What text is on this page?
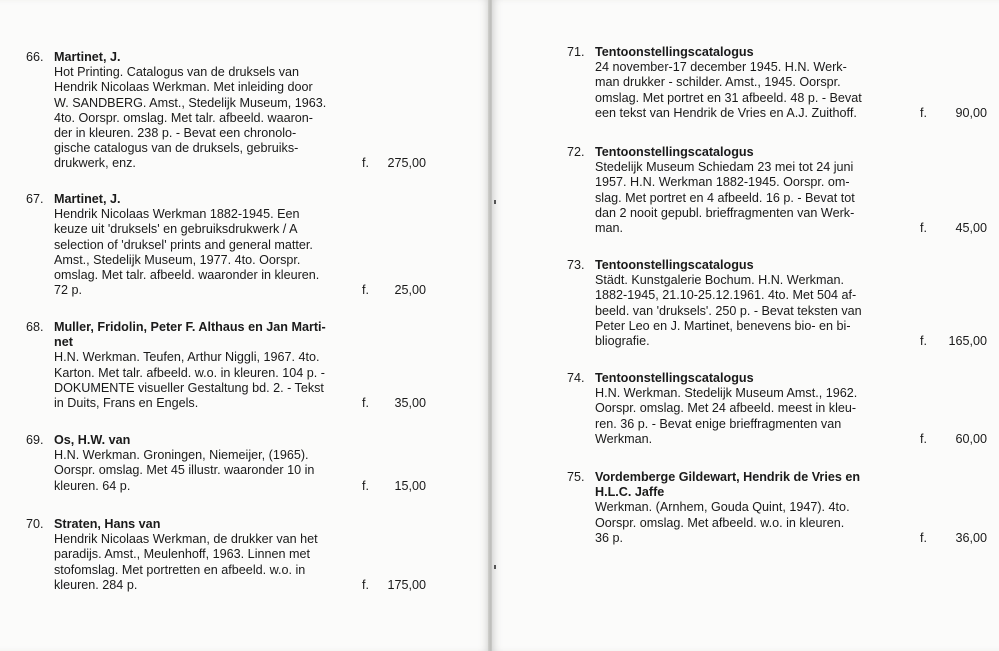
66. Martinet, J.
Hot Printing. Catalogus van de druksels van
Hendrik Nicolaas Werkman. Met inleiding door
W. SANDBERG. Amst., Stedelijk Museum, 1963.
4to. Oorspr. omslag. Met talr. afbeeld. waaron-
der in kleuren. 238 p. - Bevat een chronolo-
gische catalogus van de druksels, gebruiks-
drukwerk, enz.	f. 275,00
67. Martinet, J.
Hendrik Nicolaas Werkman 1882-1945. Een
keuze uit 'druksels' en gebruiksdrukwerk / A
selection of 'druksel' prints and general matter.
Amst., Stedelijk Museum, 1977. 4to. Oorspr.
omslag. Met talr. afbeeld. waaronder in kleuren.
72 p.	f. 25,00
68. Muller, Fridolin, Peter F. Althaus en Jan Marti-
net
H.N. Werkman. Teufen, Arthur Niggli, 1967. 4to.
Karton. Met talr. afbeeld. w.o. in kleuren. 104 p. -
DOKUMENTE visueller Gestaltung bd. 2. - Tekst
in Duits, Frans en Engels.	f. 35,00
69. Os, H.W. van
H.N. Werkman. Groningen, Niemeijer, (1965).
Oorspr. omslag. Met 45 illustr. waaronder 10 in
kleuren. 64 p.	f. 15,00
70. Straten, Hans van
Hendrik Nicolaas Werkman, de drukker van het
paradijs. Amst., Meulenhoff, 1963. Linnen met
stofomslag. Met portretten en afbeeld. w.o. in
kleuren. 284 p.	f. 175,00
71. Tentoonstellingscatalogus
24 november-17 december 1945. H.N. Werk-
man drukker - schilder. Amst., 1945. Oorspr.
omslag. Met portret en 31 afbeeld. 48 p. - Bevat
een tekst van Hendrik de Vries en A.J. Zuithoff.	f. 90,00
72. Tentoonstellingscatalogus
Stedelijk Museum Schiedam 23 mei tot 24 juni
1957. H.N. Werkman 1882-1945. Oorspr. om-
slag. Met portret en 4 afbeeld. 16 p. - Bevat tot
dan 2 nooit gepubl. brieffragmenten van Werk-
man.	f. 45,00
73. Tentoonstellingscatalogus
Städt. Kunstgalerie Bochum. H.N. Werkman.
1882-1945, 21.10-25.12.1961. 4to. Met 504 af-
beeld. van 'druksels'. 250 p. - Bevat teksten van
Peter Leo en J. Martinet, benevens bio- en bi-
bliografie.	f. 165,00
74. Tentoonstellingscatalogus
H.N. Werkman. Stedelijk Museum Amst., 1962.
Oorspr. omslag. Met 24 afbeeld. meest in kleu-
ren. 36 p. - Bevat enige brieffragmenten van
Werkman.	f. 60,00
75. Vordemberge Gildewart, Hendrik de Vries en
H.L.C. Jaffe
Werkman. (Arnhem, Gouda Quint, 1947). 4to.
Oorspr. omslag. Met afbeeld. w.o. in kleuren.
36 p.	f. 36,00
